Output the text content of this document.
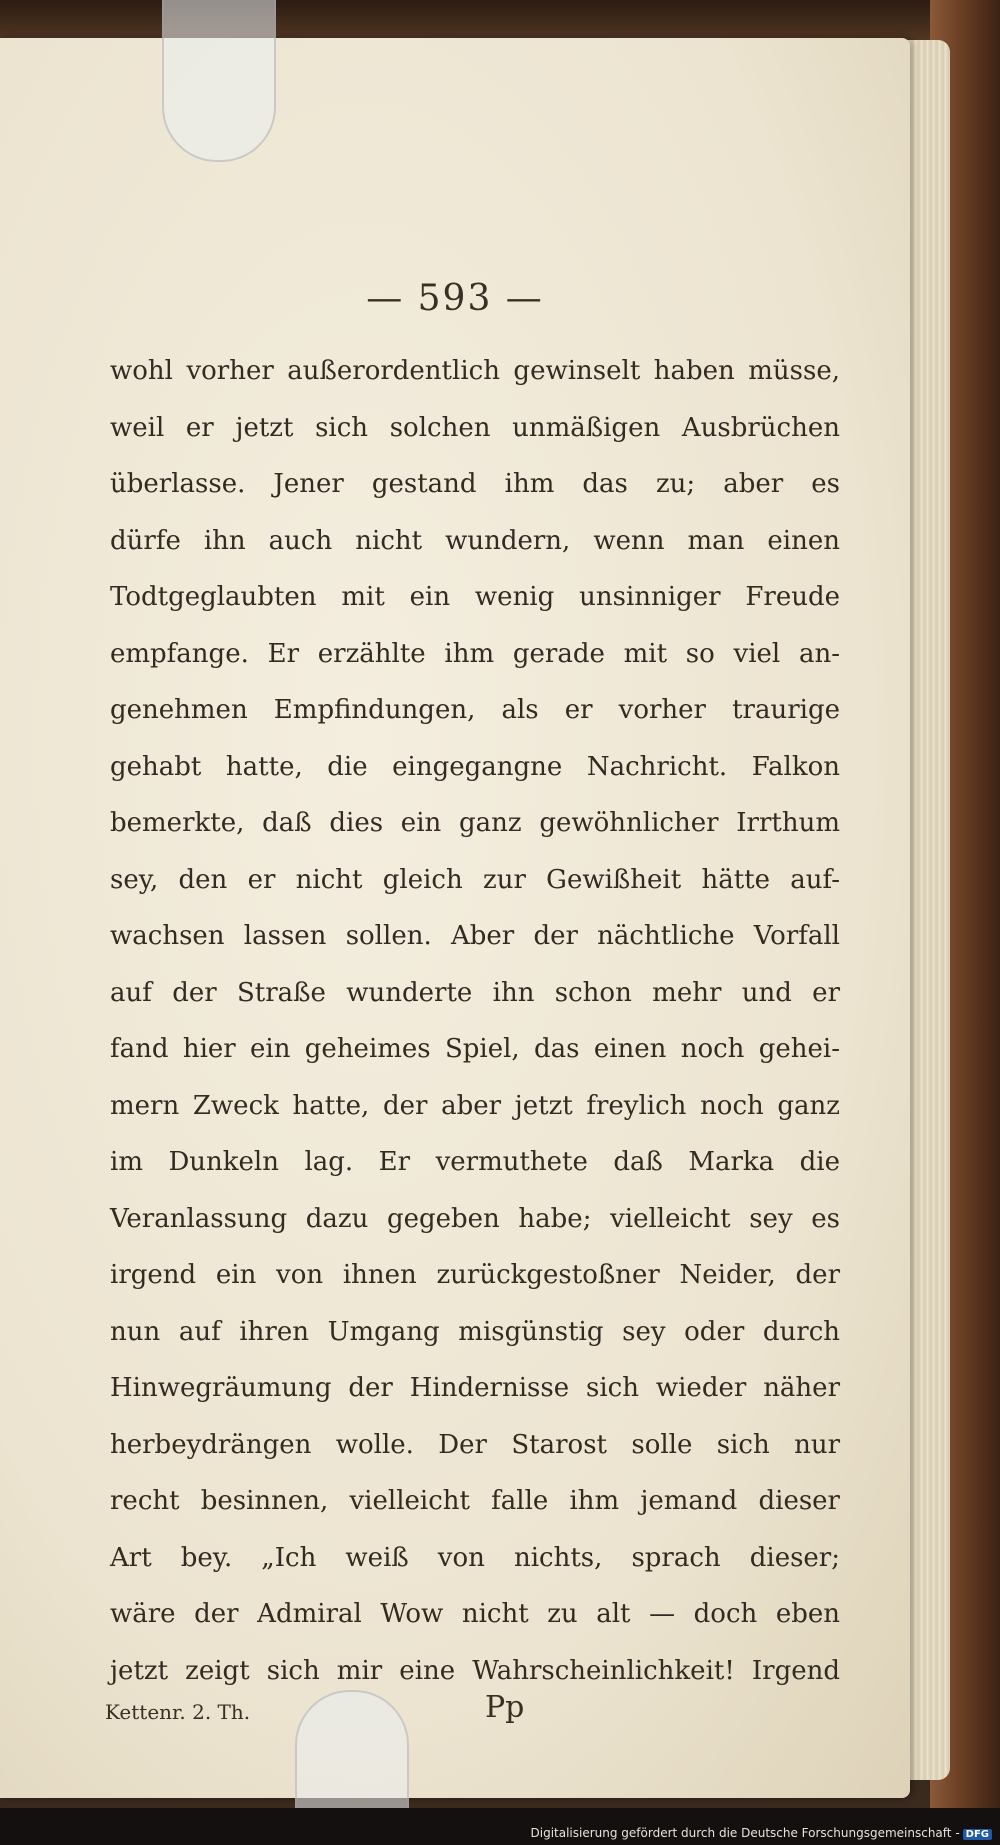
— 593 —
wohl vorher außerordentlich gewinselt haben müsse,
weil er jetzt sich solchen unmäßigen Ausbrüchen
überlasse. Jener gestand ihm das zu; aber es
dürfe ihn auch nicht wundern, wenn man einen
Todtgeglaubten mit ein wenig unsinniger Freude
empfange. Er erzählte ihm gerade mit so viel an-
genehmen Empfindungen, als er vorher traurige
gehabt hatte, die eingegangne Nachricht. Falkon
bemerkte, daß dies ein ganz gewöhnlicher Irrthum
sey, den er nicht gleich zur Gewißheit hätte auf-
wachsen lassen sollen. Aber der nächtliche Vorfall
auf der Straße wunderte ihn schon mehr und er
fand hier ein geheimes Spiel, das einen noch gehei-
mern Zweck hatte, der aber jetzt freylich noch ganz
im Dunkeln lag. Er vermuthete daß Marka die
Veranlassung dazu gegeben habe; vielleicht sey es
irgend ein von ihnen zurückgestoßner Neider, der
nun auf ihren Umgang misgünstig sey oder durch
Hinwegräumung der Hindernisse sich wieder näher
herbeydrängen wolle. Der Starost solle sich nur
recht besinnen, vielleicht falle ihm jemand dieser
Art bey. „Ich weiß von nichts, sprach dieser;
wäre der Admiral Wow nicht zu alt — doch eben
jetzt zeigt sich mir eine Wahrscheinlichkeit! Irgend
Kettenr. 2. Th.	Pp
Digitalisierung gefördert durch die Deutsche Forschungsgemeinschaft - DFG
